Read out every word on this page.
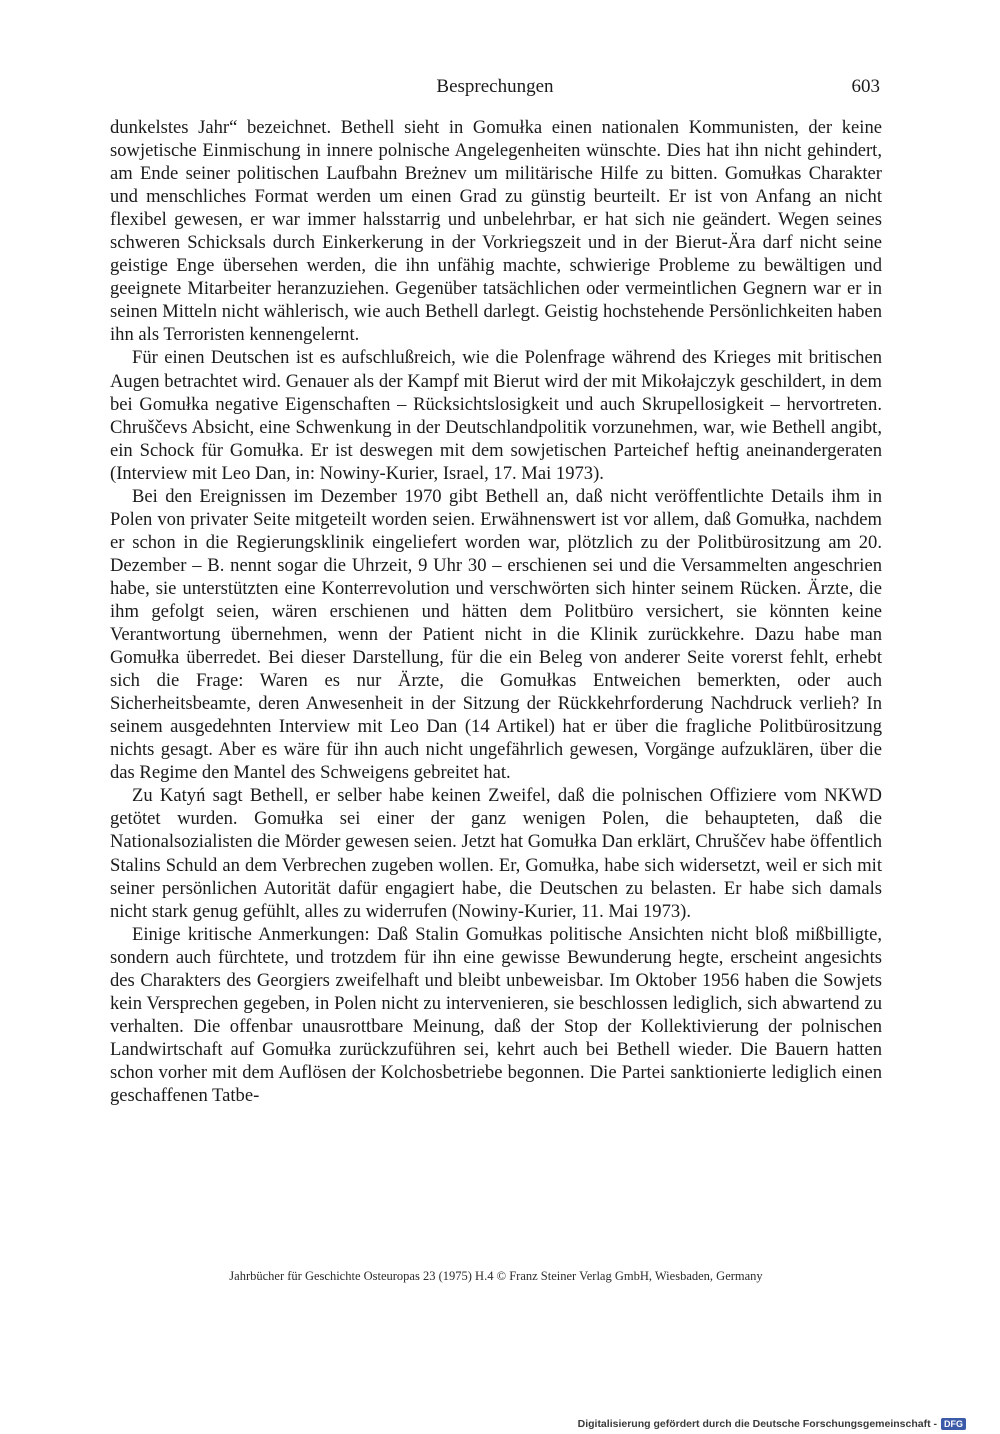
Besprechungen	603

dunkelstes Jahr“ bezeichnet. Bethell sieht in Gomułka einen nationalen Kommunisten, der keine sowjetische Einmischung in innere polnische Angelegenheiten wünschte. Dies hat ihn nicht gehindert, am Ende seiner politischen Laufbahn Breżnev um militärische Hilfe zu bitten. Gomułkas Charakter und menschliches Format werden um einen Grad zu günstig beurteilt. Er ist von Anfang an nicht flexibel gewesen, er war immer halsstarrig und unbelehrbar, er hat sich nie geändert. Wegen seines schweren Schicksals durch Einkerkerung in der Vorkriegszeit und in der Bierut-Ära darf nicht seine geistige Enge übersehen werden, die ihn unfähig machte, schwierige Probleme zu bewältigen und geeignete Mitarbeiter heranzuziehen. Gegenüber tatsächlichen oder vermeintlichen Gegnern war er in seinen Mitteln nicht wählerisch, wie auch Bethell darlegt. Geistig hochstehende Persönlichkeiten haben ihn als Terroristen kennengelernt.

Für einen Deutschen ist es aufschlußreich, wie die Polenfrage während des Krieges mit britischen Augen betrachtet wird. Genauer als der Kampf mit Bierut wird der mit Mikołajczyk geschildert, in dem bei Gomułka negative Eigenschaften – Rücksichtslosigkeit und auch Skrupellosigkeit – hervortreten. Chruščevs Absicht, eine Schwenkung in der Deutschlandpolitik vorzunehmen, war, wie Bethell angibt, ein Schock für Gomułka. Er ist deswegen mit dem sowjetischen Parteichef heftig aneinandergeraten (Interview mit Leo Dan, in: Nowiny-Kurier, Israel, 17. Mai 1973).

Bei den Ereignissen im Dezember 1970 gibt Bethell an, daß nicht veröffentlichte Details ihm in Polen von privater Seite mitgeteilt worden seien. Erwähnenswert ist vor allem, daß Gomułka, nachdem er schon in die Regierungsklinik eingeliefert worden war, plötzlich zu der Politbürositzung am 20. Dezember – B. nennt sogar die Uhrzeit, 9 Uhr 30 – erschienen sei und die Versammelten angeschrien habe, sie unterstützten eine Konterrevolution und verschwörten sich hinter seinem Rücken. Ärzte, die ihm gefolgt seien, wären erschienen und hätten dem Politbüro versichert, sie könnten keine Verantwortung übernehmen, wenn der Patient nicht in die Klinik zurückkehre. Dazu habe man Gomułka überredet. Bei dieser Darstellung, für die ein Beleg von anderer Seite vorerst fehlt, erhebt sich die Frage: Waren es nur Ärzte, die Gomułkas Entweichen bemerkten, oder auch Sicherheitsbeamte, deren Anwesenheit in der Sitzung der Rückkehrforderung Nachdruck verlieh? In seinem ausgedehnten Interview mit Leo Dan (14 Artikel) hat er über die fragliche Politbürositzung nichts gesagt. Aber es wäre für ihn auch nicht ungefährlich gewesen, Vorgänge aufzuklären, über die das Regime den Mantel des Schweigens gebreitet hat.

Zu Katyń sagt Bethell, er selber habe keinen Zweifel, daß die polnischen Offiziere vom NKWD getötet wurden. Gomułka sei einer der ganz wenigen Polen, die behaupteten, daß die Nationalsozialisten die Mörder gewesen seien. Jetzt hat Gomułka Dan erklärt, Chruščev habe öffentlich Stalins Schuld an dem Verbrechen zugeben wollen. Er, Gomułka, habe sich widersetzt, weil er sich mit seiner persönlichen Autorität dafür engagiert habe, die Deutschen zu belasten. Er habe sich damals nicht stark genug gefühlt, alles zu widerrufen (Nowiny-Kurier, 11. Mai 1973).

Einige kritische Anmerkungen: Daß Stalin Gomułkas politische Ansichten nicht bloß mißbilligte, sondern auch fürchtete, und trotzdem für ihn eine gewisse Bewunderung hegte, erscheint angesichts des Charakters des Georgiers zweifelhaft und bleibt unbeweisbar. Im Oktober 1956 haben die Sowjets kein Versprechen gegeben, in Polen nicht zu intervenieren, sie beschlossen lediglich, sich abwartend zu verhalten. Die offenbar unausrottbare Meinung, daß der Stop der Kollektivierung der polnischen Landwirtschaft auf Gomułka zurückzuführen sei, kehrt auch bei Bethell wieder. Die Bauern hatten schon vorher mit dem Auflösen der Kolchosbetriebe begonnen. Die Partei sanktionierte lediglich einen geschaffenen Tatbe-

Jahrbücher für Geschichte Osteuropas 23 (1975) H.4 © Franz Steiner Verlag GmbH, Wiesbaden, Germany
Digitalisierung gefördert durch die Deutsche Forschungsgemeinschaft - DFG
